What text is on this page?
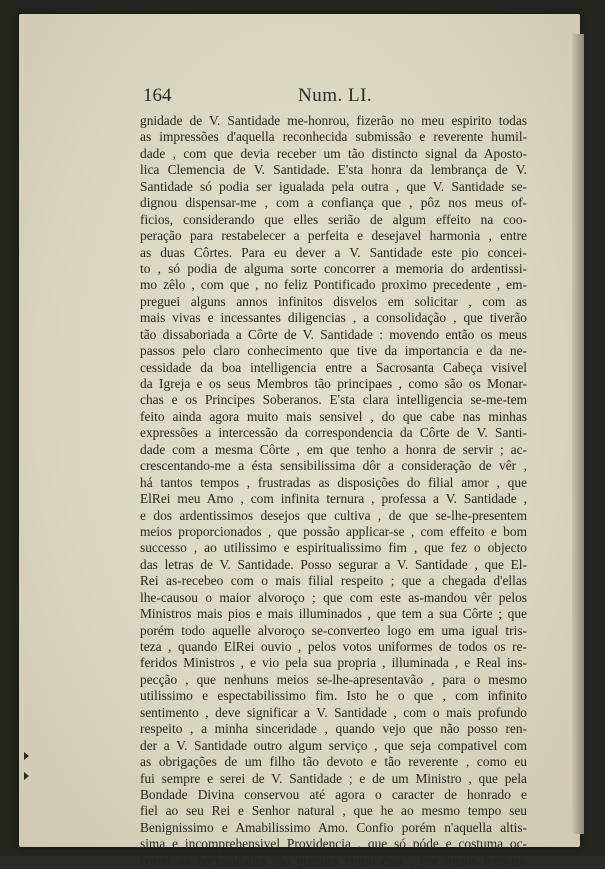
164	Num. LI.
gnidade de V. Santidade me-honrou, fizerão no meu espirito todas
as impressões d'aquella reconhecida submissão e reverente humil-
dade , com que devia receber um tão distincto signal da Aposto-
lica Clemencia de V. Santidade. E'sta honra da lembrança de V.
Santidade só podia ser igualada pela outra , que V. Santidade se-
dignou dispensar-me , com a confiança que , pôz nos meus of-
ficios, considerando que elles serião de algum effeito na coo-
peração para restabelecer a perfeita e desejavel harmonia , entre
as duas Côrtes. Para eu dever a V. Santidade este pio concei-
to , só podia de alguma sorte concorrer a memoria do ardentissi-
mo zêlo , com que , no feliz Pontificado proximo precedente , em-
preguei alguns annos infinitos disvelos em solicitar , com as
mais vivas e incessantes diligencias , a consolidação , que tiverão
tão dissaboriada a Côrte de V. Santidade : movendo então os meus
passos pelo claro conhecimento que tive da importancia e da ne-
cessidade da boa intelligencia entre a Sacrosanta Cabeça visivel
da Igreja e os seus Membros tão principaes , como são os Monar-
chas e os Principes Soberanos. E'sta clara intelligencia se-me-tem
feito ainda agora muito mais sensivel , do que cabe nas minhas
expressões a intercessão da correspondencia da Côrte de V. Santi-
dade com a mesma Côrte , em que tenho a honra de servir ; ac-
crescentando-me a ésta sensibilissima dôr a consideração de vêr ,
há tantos tempos , frustradas as disposições do filial amor , que
ElRei meu Amo , com infinita ternura , professa a V. Santidade ,
e dos ardentissimos desejos que cultiva , de que se-lhe-presentem
meios proporcionados , que possão applicar-se , com effeito e bom
successo , ao utilissimo e espiritualissimo fim , que fez o objecto
das letras de V. Santidade. Posso segurar a V. Santidade , que El-
Rei as-recebeo com o mais filial respeito ; que a chegada d'ellas
lhe-causou o maior alvoroço ; que com este as-mandou vêr pelos
Ministros mais pios e mais illuminados , que tem a sua Côrte ; que
porém todo aquelle alvoroço se-converteo logo em uma igual tris-
teza , quando ElRei ouvio , pelos votos uniformes de todos os re-
feridos Ministros , e vio pela sua propria , illuminada , e Real ins-
pecção , que nenhuns meios se-lhe-apresentavão , para o mesmo
utilissimo e espectabilissimo fim. Isto he o que , com infinito
sentimento , deve significar a V. Santidade , com o mais profundo
respeito , a minha sinceridade , quando vejo que não posso ren-
der a V. Santidade outro algum serviço , que seja compativel com
as obrigações de um filho tão devoto e tão reverente , como eu
fui sempre e serei de V. Santidade ; e de um Ministro , que pela
Bondade Divina conservou até agora o caracter de honrado e
fiel ao seu Rei e Senhor natural , que he ao mesmo tempo seu
Benignissimo e Amabilissimo Amo. Confio porém n'aquella altis-
sima e incomprehensivel Providencia , que só póde e costuma oc-
correr ás necessidades tão grandes como ésta , por meios inescru-
